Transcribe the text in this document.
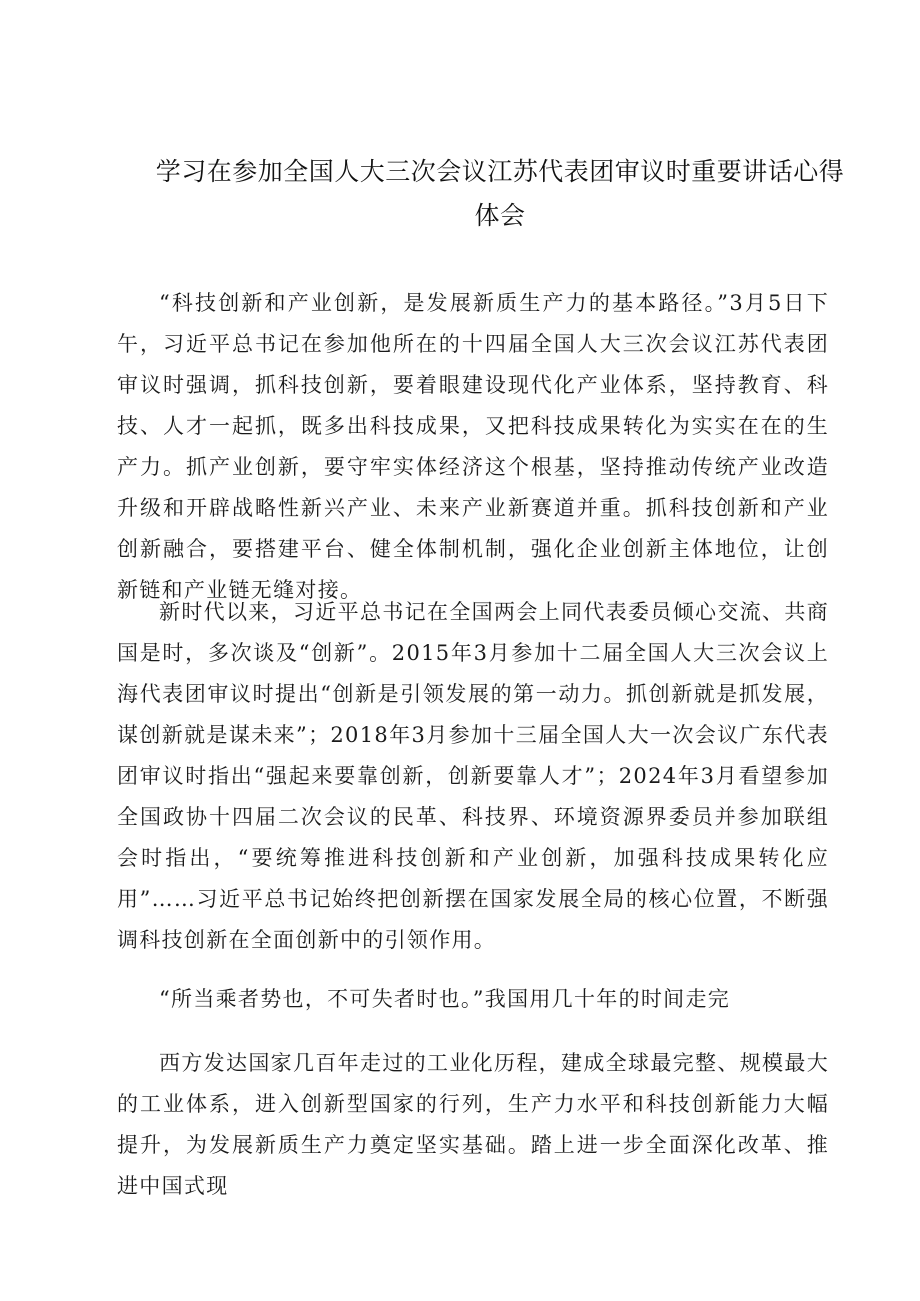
学习在参加全国人大三次会议江苏代表团审议时重要讲话心得体会

“科技创新和产业创新，是发展新质生产力的基本路径。”3月5日下午，习近平总书记在参加他所在的十四届全国人大三次会议江苏代表团审议时强调，抓科技创新，要着眼建设现代化产业体系，坚持教育、科技、人才一起抓，既多出科技成果，又把科技成果转化为实实在在的生产力。抓产业创新，要守牢实体经济这个根基，坚持推动传统产业改造升级和开辟战略性新兴产业、未来产业新赛道并重。抓科技创新和产业创新融合，要搭建平台、健全体制机制，强化企业创新主体地位，让创新链和产业链无缝对接。

新时代以来，习近平总书记在全国两会上同代表委员倾心交流、共商国是时，多次谈及“创新”。2015年3月参加十二届全国人大三次会议上海代表团审议时提出“创新是引领发展的第一动力。抓创新就是抓发展，谋创新就是谋未来”；2018年3月参加十三届全国人大一次会议广东代表团审议时指出“强起来要靠创新，创新要靠人才”；2024年3月看望参加全国政协十四届二次会议的民革、科技界、环境资源界委员并参加联组会时指出，“要统筹推进科技创新和产业创新，加强科技成果转化应用”……习近平总书记始终把创新摆在国家发展全局的核心位置，不断强调科技创新在全面创新中的引领作用。

“所当乘者势也，不可失者时也。”我国用几十年的时间走完

西方发达国家几百年走过的工业化历程，建成全球最完整、规模最大的工业体系，进入创新型国家的行列，生产力水平和科技创新能力大幅提升，为发展新质生产力奠定坚实基础。踏上进一步全面深化改革、推进中国式现
